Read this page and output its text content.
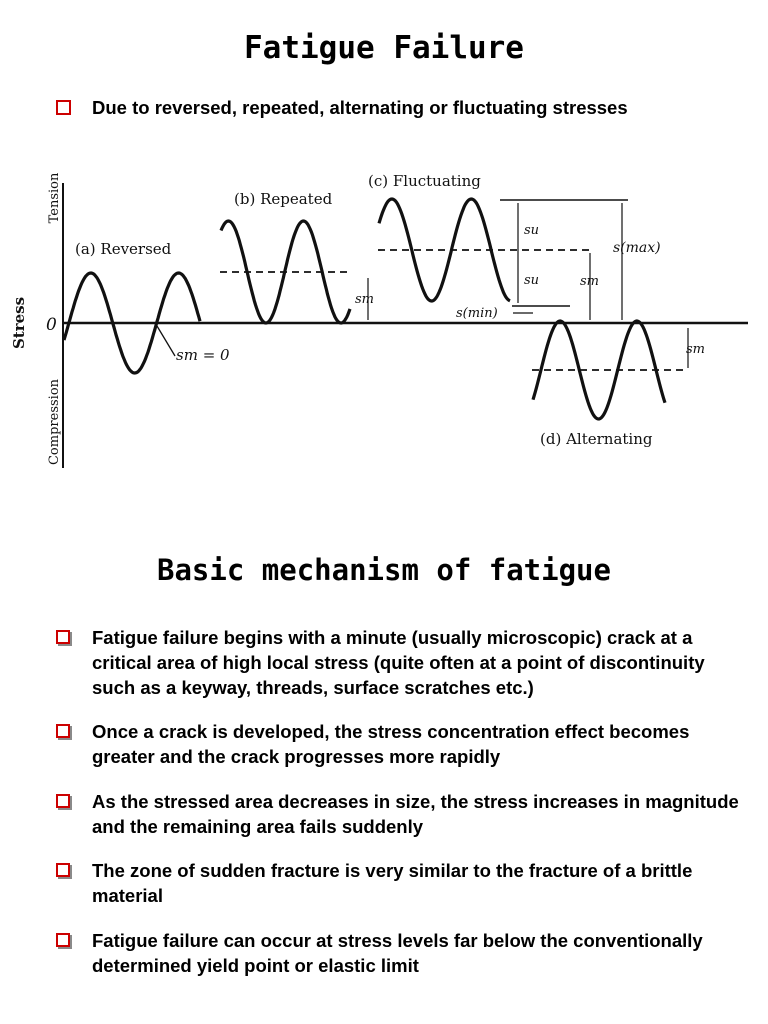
Fatigue Failure
Due to reversed, repeated, alternating or fluctuating stresses
Stress
Tension
Compression
0
(a) Reversed
sm = 0
(b) Repeated
sm
(c) Fluctuating
su
su
s(max)
sm
s(min)
sm
(d) Alternating
Basic mechanism of fatigue
Fatigue failure begins with a minute (usually microscopic) crack at a critical area of high local stress (quite often at a point of discontinuity such as a keyway, threads, surface scratches etc.)
Once a crack is developed, the stress concentration effect becomes greater and the crack progresses more rapidly
As the stressed area decreases in size, the stress increases in magnitude and the remaining area fails suddenly
The zone of sudden fracture is very similar to the fracture of a brittle material
Fatigue failure can occur at stress levels far below the conventionally determined yield point or elastic limit
